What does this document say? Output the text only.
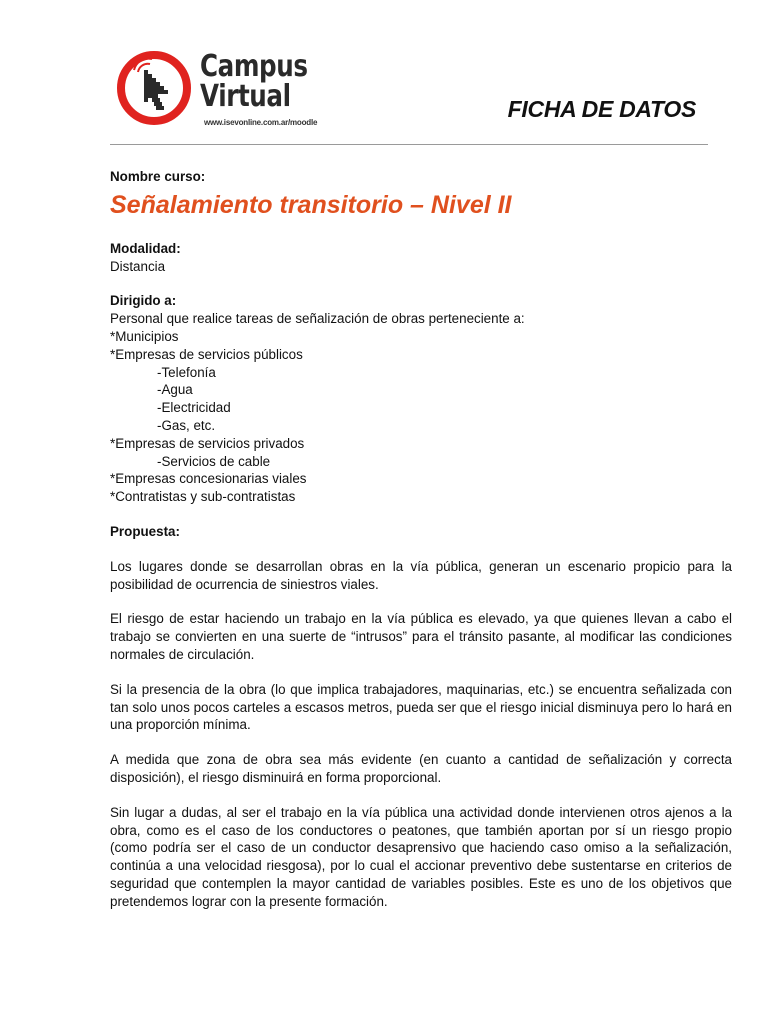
Campus
Virtual
www.isevonline.com.ar/moodle
FICHA DE DATOS

Nombre curso:

Señalamiento transitorio – Nivel II

Modalidad:

Distancia

Dirigido a:

Personal que realice tareas de señalización de obras perteneciente a:

*Municipios
*Empresas de servicios públicos
-Telefonía
-Agua
-Electricidad
-Gas, etc.
*Empresas de servicios privados
-Servicios de cable
*Empresas concesionarias viales
*Contratistas y sub-contratistas

Propuesta:

Los lugares donde se desarrollan obras en la vía pública, generan un escenario propicio para la posibilidad de ocurrencia de siniestros viales.

El riesgo de estar haciendo un trabajo en la vía pública es elevado, ya que quienes llevan a cabo el trabajo se convierten en una suerte de “intrusos” para el tránsito pasante, al modificar las condiciones normales de circulación.

Si la presencia de la obra (lo que implica trabajadores, maquinarias, etc.) se encuentra señalizada con tan solo unos pocos carteles a escasos metros, pueda ser que el riesgo inicial disminuya pero lo hará en una proporción mínima.

A medida que zona de obra sea más evidente (en cuanto a cantidad de señalización y correcta disposición), el riesgo disminuirá en forma proporcional.

Sin lugar a dudas, al ser el trabajo en la vía pública una actividad donde intervienen otros ajenos a la obra, como es el caso de los conductores o peatones, que también aportan por sí un riesgo propio (como podría ser el caso de un conductor desaprensivo que haciendo caso omiso a la señalización, continúa a una velocidad riesgosa), por lo cual el accionar preventivo debe sustentarse en criterios de seguridad que contemplen la mayor cantidad de variables posibles. Este es uno de los objetivos que pretendemos lograr con la presente formación.
